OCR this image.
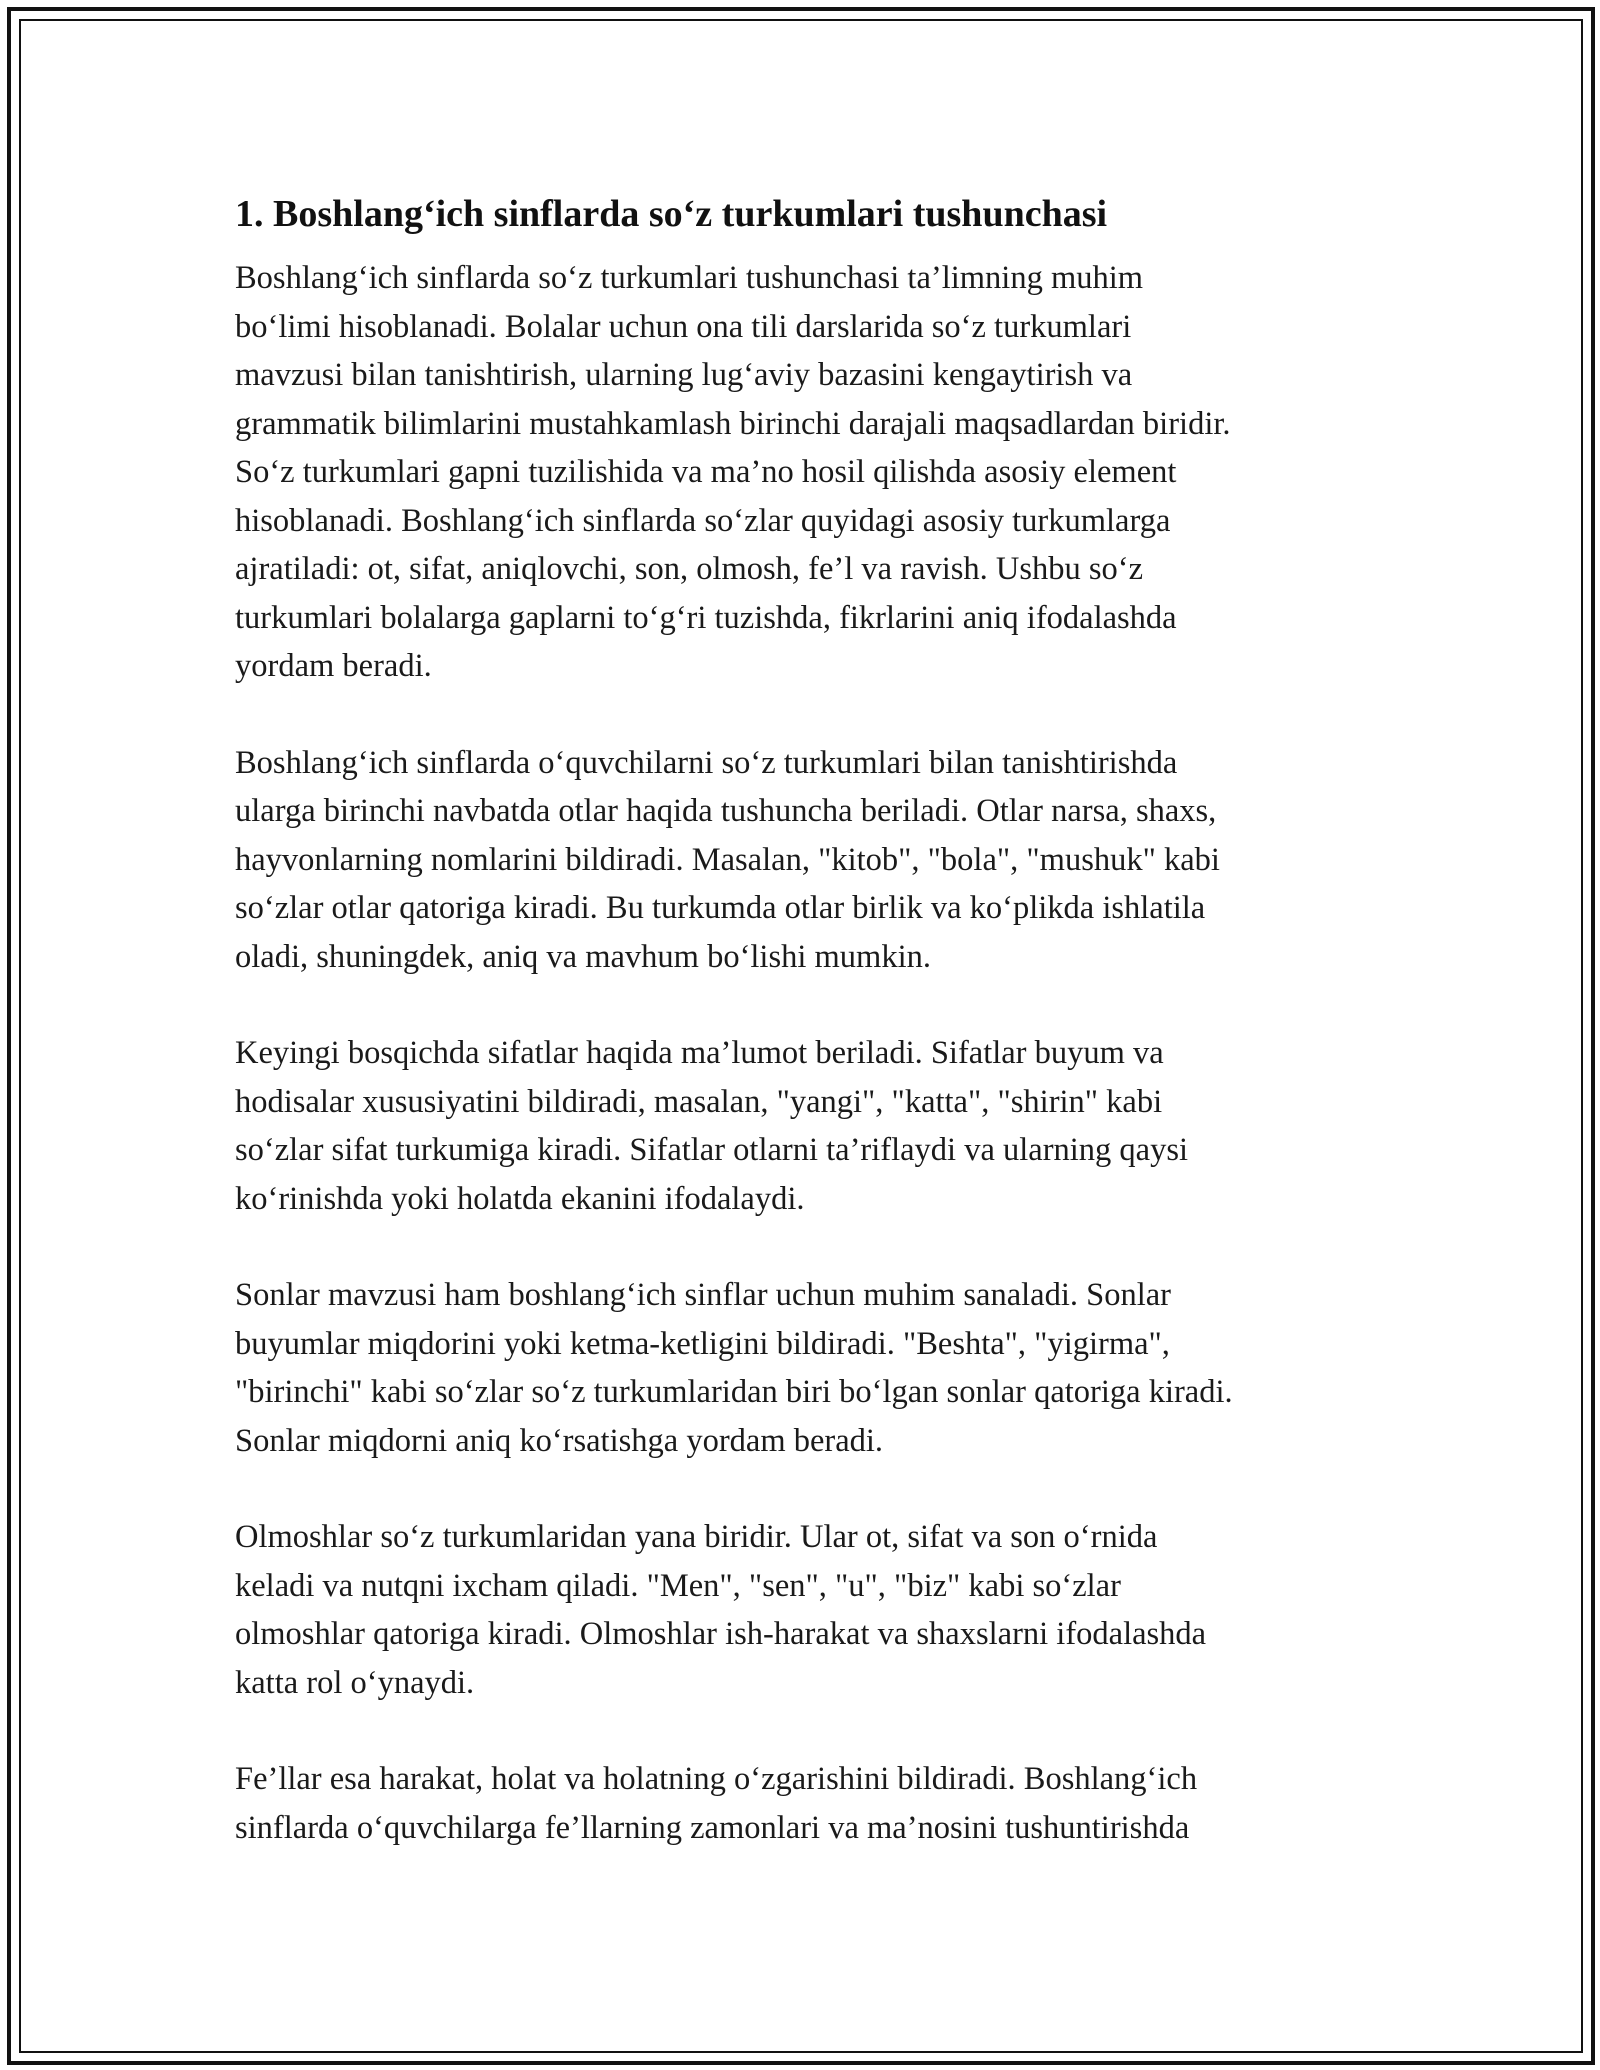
1. Boshlang‘ich sinflarda so‘z turkumlari tushunchasi

Boshlang‘ich sinflarda so‘z turkumlari tushunchasi ta’limning muhim
bo‘limi hisoblanadi. Bolalar uchun ona tili darslarida so‘z turkumlari
mavzusi bilan tanishtirish, ularning lug‘aviy bazasini kengaytirish va
grammatik bilimlarini mustahkamlash birinchi darajali maqsadlardan biridir.
So‘z turkumlari gapni tuzilishida va ma’no hosil qilishda asosiy element
hisoblanadi. Boshlang‘ich sinflarda so‘zlar quyidagi asosiy turkumlarga
ajratiladi: ot, sifat, aniqlovchi, son, olmosh, fe’l va ravish. Ushbu so‘z
turkumlari bolalarga gaplarni to‘g‘ri tuzishda, fikrlarini aniq ifodalashda
yordam beradi.

Boshlang‘ich sinflarda o‘quvchilarni so‘z turkumlari bilan tanishtirishda
ularga birinchi navbatda otlar haqida tushuncha beriladi. Otlar narsa, shaxs,
hayvonlarning nomlarini bildiradi. Masalan, "kitob", "bola", "mushuk" kabi
so‘zlar otlar qatoriga kiradi. Bu turkumda otlar birlik va ko‘plikda ishlatila
oladi, shuningdek, aniq va mavhum bo‘lishi mumkin.

Keyingi bosqichda sifatlar haqida ma’lumot beriladi. Sifatlar buyum va
hodisalar xususiyatini bildiradi, masalan, "yangi", "katta", "shirin" kabi
so‘zlar sifat turkumiga kiradi. Sifatlar otlarni ta’riflaydi va ularning qaysi
ko‘rinishda yoki holatda ekanini ifodalaydi.

Sonlar mavzusi ham boshlang‘ich sinflar uchun muhim sanaladi. Sonlar
buyumlar miqdorini yoki ketma-ketligini bildiradi. "Beshta", "yigirma",
"birinchi" kabi so‘zlar so‘z turkumlaridan biri bo‘lgan sonlar qatoriga kiradi.
Sonlar miqdorni aniq ko‘rsatishga yordam beradi.

Olmoshlar so‘z turkumlaridan yana biridir. Ular ot, sifat va son o‘rnida
keladi va nutqni ixcham qiladi. "Men", "sen", "u", "biz" kabi so‘zlar
olmoshlar qatoriga kiradi. Olmoshlar ish-harakat va shaxslarni ifodalashda
katta rol o‘ynaydi.

Fe’llar esa harakat, holat va holatning o‘zgarishini bildiradi. Boshlang‘ich
sinflarda o‘quvchilarga fe’llarning zamonlari va ma’nosini tushuntirishda
